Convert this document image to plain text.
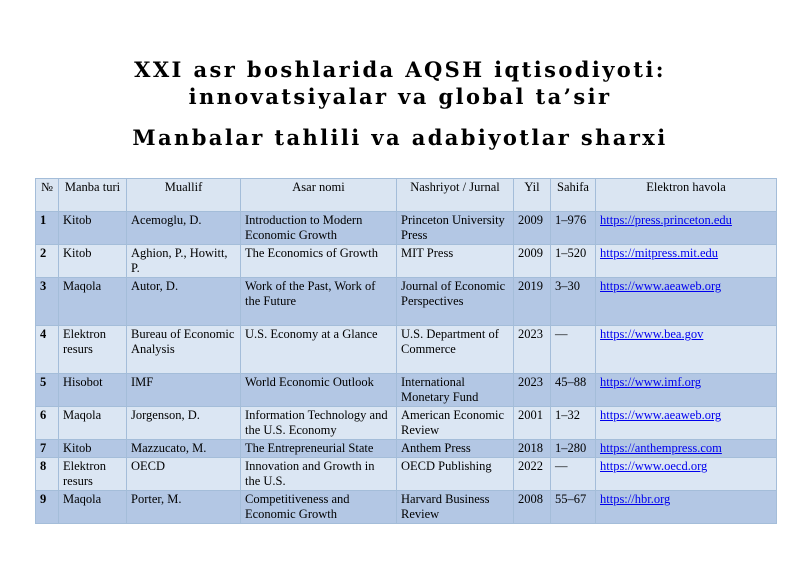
XXI asr boshlarida AQSH iqtisodiyoti:
innovatsiyalar va global ta’sir
Manbalar tahlili va adabiyotlar sharxi
№	Manba turi	Muallif	Asar nomi	Nashriyot / Jurnal	Yil	Sahifa	Elektron havola
1	Kitob	Acemoglu, D.	Introduction to Modern Economic Growth	Princeton University Press	2009	1–976	https://press.princeton.edu
2	Kitob	Aghion, P., Howitt, P.	The Economics of Growth	MIT Press	2009	1–520	https://mitpress.mit.edu
3	Maqola	Autor, D.	Work of the Past, Work of the Future	Journal of Economic Perspectives	2019	3–30	https://www.aeaweb.org
4	Elektron resurs	Bureau of Economic Analysis	U.S. Economy at a Glance	U.S. Department of Commerce	2023	—	https://www.bea.gov
5	Hisobot	IMF	World Economic Outlook	International Monetary Fund	2023	45–88	https://www.imf.org
6	Maqola	Jorgenson, D.	Information Technology and the U.S. Economy	American Economic Review	2001	1–32	https://www.aeaweb.org
7	Kitob	Mazzucato, M.	The Entrepreneurial State	Anthem Press	2018	1–280	https://anthempress.com
8	Elektron resurs	OECD	Innovation and Growth in the U.S.	OECD Publishing	2022	—	https://www.oecd.org
9	Maqola	Porter, M.	Competitiveness and Economic Growth	Harvard Business Review	2008	55–67	https://hbr.org
